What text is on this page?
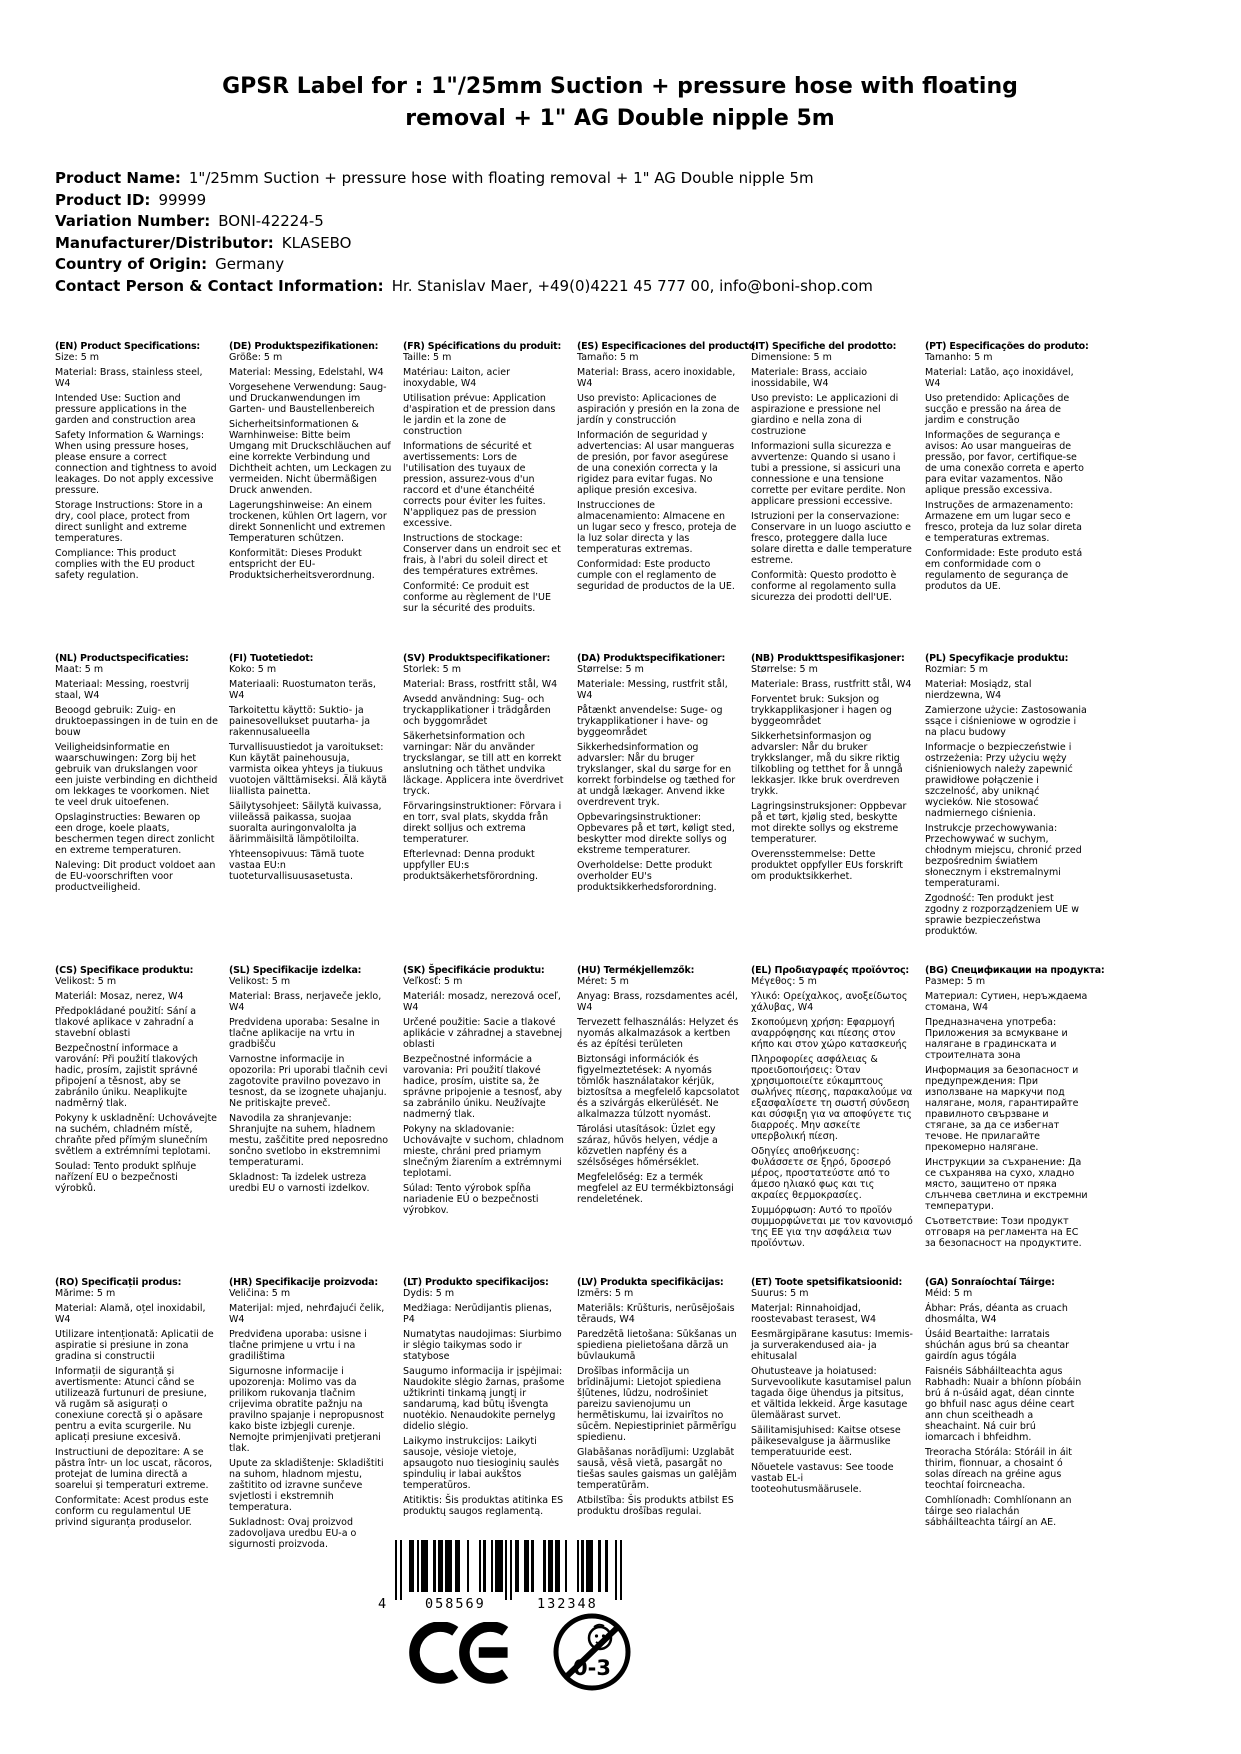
GPSR Label for : 1"/25mm Suction + pressure hose with floating removal + 1" AG Double nipple 5m
Product Name: 1"/25mm Suction + pressure hose with floating removal + 1" AG Double nipple 5m
Product ID: 99999
Variation Number: BONI-42224-5
Manufacturer/Distributor: KLASEBO
Country of Origin: Germany
Contact Person & Contact Information: Hr. Stanislav Maer, +49(0)4221 45 777 00, info@boni-shop.com
(EN) Product Specifications:

Size: 5 m

Material: Brass, stainless steel, W4

Intended Use: Suction and pressure applications in the garden and construction area

Safety Information & Warnings: When using pressure hoses, please ensure a correct connection and tightness to avoid leakages. Do not apply excessive pressure.

Storage Instructions: Store in a dry, cool place, protect from direct sunlight and extreme temperatures.

Compliance: This product complies with the EU product safety regulation.

(DE) Produktspezifikationen:

Größe: 5 m

Material: Messing, Edelstahl, W4

Vorgesehene Verwendung: Saug- und Druckanwendungen im Garten- und Baustellenbereich

Sicherheitsinformationen & Warnhinweise: Bitte beim Umgang mit Druckschläuchen auf eine korrekte Verbindung und Dichtheit achten, um Leckagen zu vermeiden. Nicht übermäßigen Druck anwenden.

Lagerungshinweise: An einem trockenen, kühlen Ort lagern, vor direkt Sonnenlicht und extremen Temperaturen schützen.

Konformität: Dieses Produkt entspricht der EU-Produktsicherheitsverordnung.

(FR) Spécifications du produit:

Taille: 5 m

Matériau: Laiton, acier inoxydable, W4

Utilisation prévue: Application d'aspiration et de pression dans le jardin et la zone de construction

Informations de sécurité et avertissements: Lors de l'utilisation des tuyaux de pression, assurez-vous d'un raccord et d'une étanchéité corrects pour éviter les fuites. N'appliquez pas de pression excessive.

Instructions de stockage: Conserver dans un endroit sec et frais, à l'abri du soleil direct et des températures extrêmes.

Conformité: Ce produit est conforme au règlement de l'UE sur la sécurité des produits.

(ES) Especificaciones del producto:

Tamaño: 5 m

Material: Brass, acero inoxidable, W4

Uso previsto: Aplicaciones de aspiración y presión en la zona de jardín y construcción

Información de seguridad y advertencias: Al usar mangueras de presión, por favor asegúrese de una conexión correcta y la rigidez para evitar fugas. No aplique presión excesiva.

Instrucciones de almacenamiento: Almacene en un lugar seco y fresco, proteja de la luz solar directa y las temperaturas extremas.

Conformidad: Este producto cumple con el reglamento de seguridad de productos de la UE.

(IT) Specifiche del prodotto:

Dimensione: 5 m

Materiale: Brass, acciaio inossidabile, W4

Uso previsto: Le applicazioni di aspirazione e pressione nel giardino e nella zona di costruzione

Informazioni sulla sicurezza e avvertenze: Quando si usano i tubi a pressione, si assicuri una connessione e una tensione corrette per evitare perdite. Non applicare pressioni eccessive.

Istruzioni per la conservazione: Conservare in un luogo asciutto e fresco, proteggere dalla luce solare diretta e dalle temperature estreme.

Conformità: Questo prodotto è conforme al regolamento sulla sicurezza dei prodotti dell'UE.

(PT) Especificações do produto:

Tamanho: 5 m

Material: Latão, aço inoxidável, W4

Uso pretendido: Aplicações de sucção e pressão na área de jardim e construção

Informações de segurança e avisos: Ao usar mangueiras de pressão, por favor, certifique-se de uma conexão correta e aperto para evitar vazamentos. Não aplique pressão excessiva.

Instruções de armazenamento: Armazene em um lugar seco e fresco, proteja da luz solar direta e temperaturas extremas.

Conformidade: Este produto está em conformidade com o regulamento de segurança de produtos da UE.

(NL) Productspecificaties:

Maat: 5 m

Materiaal: Messing, roestvrij staal, W4

Beoogd gebruik: Zuig- en druktoepassingen in de tuin en de bouw

Veiligheidsinformatie en waarschuwingen: Zorg bij het gebruik van drukslangen voor een juiste verbinding en dichtheid om lekkages te voorkomen. Niet te veel druk uitoefenen.

Opslaginstructies: Bewaren op een droge, koele plaats, beschermen tegen direct zonlicht en extreme temperaturen.

Naleving: Dit product voldoet aan de EU-voorschriften voor productveiligheid.

(FI) Tuotetiedot:

Koko: 5 m

Materiaali: Ruostumaton teräs, W4

Tarkoitettu käyttö: Suktio- ja painesovellukset puutarha- ja rakennusalueella

Turvallisuustiedot ja varoitukset: Kun käytät painehousuja, varmista oikea yhteys ja tiukuus vuotojen välttämiseksi. Älä käytä liiallista painetta.

Säilytysohjeet: Säilytä kuivassa, viileässä paikassa, suojaa suoralta auringonvalolta ja äärimmäisiltä lämpötiloilta.

Yhteensopivuus: Tämä tuote vastaa EU:n tuoteturvallisuusasetusta.

(SV) Produktspecifikationer:

Storlek: 5 m

Material: Brass, rostfritt stål, W4

Avsedd användning: Sug- och tryckapplikationer i trädgården och byggområdet

Säkerhetsinformation och varningar: När du använder tryckslangar, se till att en korrekt anslutning och täthet undvika läckage. Applicera inte överdrivet tryck.

Förvaringsinstruktioner: Förvara i en torr, sval plats, skydda från direkt solljus och extrema temperaturer.

Efterlevnad: Denna produkt uppfyller EU:s produktsäkerhetsförordning.

(DA) Produktspecifikationer:

Størrelse: 5 m

Materiale: Messing, rustfrit stål, W4

Påtænkt anvendelse: Suge- og trykapplikationer i have- og byggeområdet

Sikkerhedsinformation og advarsler: Når du bruger trykslanger, skal du sørge for en korrekt forbindelse og tæthed for at undgå lækager. Anvend ikke overdrevent tryk.

Opbevaringsinstruktioner: Opbevares på et tørt, køligt sted, beskytter mod direkte sollys og ekstreme temperaturer.

Overholdelse: Dette produkt overholder EU's produktsikkerhedsforordning.

(NB) Produkttspesifikasjoner:

Størrelse: 5 m

Materiale: Brass, rustfritt stål, W4

Forventet bruk: Suksjon og trykkapplikasjoner i hagen og byggeområdet

Sikkerhetsinformasjon og advarsler: Når du bruker trykkslanger, må du sikre riktig tilkobling og tetthet for å unngå lekkasjer. Ikke bruk overdreven trykk.

Lagringsinstruksjoner: Oppbevar på et tørt, kjølig sted, beskytte mot direkte sollys og ekstreme temperaturer.

Overensstemmelse: Dette produktet oppfyller EUs forskrift om produktsikkerhet.

(PL) Specyfikacje produktu:

Rozmiar: 5 m

Materiał: Mosiądz, stal nierdzewna, W4

Zamierzone użycie: Zastosowania ssące i ciśnieniowe w ogrodzie i na placu budowy

Informacje o bezpieczeństwie i ostrzeżenia: Przy użyciu węży ciśnieniowych należy zapewnić prawidłowe połączenie i szczelność, aby uniknąć wycieków. Nie stosować nadmiernego ciśnienia.

Instrukcje przechowywania: Przechowywać w suchym, chłodnym miejscu, chronić przed bezpośrednim światłem słonecznym i ekstremalnymi temperaturami.

Zgodność: Ten produkt jest zgodny z rozporządzeniem UE w sprawie bezpieczeństwa produktów.

(CS) Specifikace produktu:

Velikost: 5 m

Materiál: Mosaz, nerez, W4

Předpokládané použití: Sání a tlakové aplikace v zahradní a stavební oblasti

Bezpečnostní informace a varování: Při použití tlakových hadic, prosím, zajistit správné připojení a těsnost, aby se zabránilo úniku. Neaplikujte nadměrný tlak.

Pokyny k uskladnění: Uchovávejte na suchém, chladném místě, chraňte před přímým slunečním světlem a extrémními teplotami.

Soulad: Tento produkt splňuje nařízení EU o bezpečnosti výrobků.

(SL) Specifikacije izdelka:

Velikost: 5 m

Material: Brass, nerjaveče jeklo, W4

Predvidena uporaba: Sesalne in tlačne aplikacije na vrtu in gradbišču

Varnostne informacije in opozorila: Pri uporabi tlačnih cevi zagotovite pravilno povezavo in tesnost, da se izognete uhajanju. Ne pritiskajte preveč.

Navodila za shranjevanje: Shranjujte na suhem, hladnem mestu, zaščitite pred neposredno sončno svetlobo in ekstremnimi temperaturami.

Skladnost: Ta izdelek ustreza uredbi EU o varnosti izdelkov.

(SK) Špecifikácie produktu:

Veľkosť: 5 m

Materiál: mosadz, nerezová oceľ, W4

Určené použitie: Sacie a tlakové aplikácie v záhradnej a stavebnej oblasti

Bezpečnostné informácie a varovania: Pri použití tlakové hadice, prosím, uistite sa, že správne pripojenie a tesnosť, aby sa zabránilo úniku. Neužívajte nadmerný tlak.

Pokyny na skladovanie: Uchovávajte v suchom, chladnom mieste, chráni pred priamym slnečným žiarením a extrémnymi teplotami.

Súlad: Tento výrobok spĺňa nariadenie EÚ o bezpečnosti výrobkov.

(HU) Termékjellemzők:

Méret: 5 m

Anyag: Brass, rozsdamentes acél, W4

Tervezett felhasználás: Helyzet és nyomás alkalmazások a kertben és az építési területen

Biztonsági információk és figyelmeztetések: A nyomás tömlők használatakor kérjük, biztosítsa a megfelelő kapcsolatot és a szivárgás elkerülését. Ne alkalmazza túlzott nyomást.

Tárolási utasítások: Üzlet egy száraz, hűvös helyen, védje a közvetlen napfény és a szélsőséges hőmérséklet.

Megfelelőség: Ez a termék megfelel az EU termékbiztonsági rendeletének.

(EL) Προδιαγραφές προϊόντος:

Μέγεθος: 5 m

Υλικό: Ορείχαλκος, ανοξείδωτος χάλυβας, W4

Σκοπούμενη χρήση: Εφαρμογή αναρρόφησης και πίεσης στον κήπο και στον χώρο κατασκευής

Πληροφορίες ασφάλειας & προειδοποιήσεις: Όταν χρησιμοποιείτε εύκαμπτους σωλήνες πίεσης, παρακαλούμε να εξασφαλίσετε τη σωστή σύνδεση και σύσφιξη για να αποφύγετε τις διαρροές. Μην ασκείτε υπερβολική πίεση.

Οδηγίες αποθήκευσης: Φυλάσσετε σε ξηρό, δροσερό μέρος, προστατεύστε από το άμεσο ηλιακό φως και τις ακραίες θερμοκρασίες.

Συμμόρφωση: Αυτό το προϊόν συμμορφώνεται με τον κανονισμό της ΕΕ για την ασφάλεια των προϊόντων.

(BG) Спецификации на продукта:

Размер: 5 m

Материал: Сутиен, неръждаема стомана, W4

Предназначена употреба: Приложения за всмукване и налягане в градинската и строителната зона

Информация за безопасност и предупреждения: При използване на маркучи под налягане, моля, гарантирайте правилното свързване и стягане, за да се избегнат течове. Не прилагайте прекомерно налягане.

Инструкции за съхранение: Да се съхранява на сухо, хладно място, защитено от пряка слънчева светлина и екстремни температури.

Съответствие: Този продукт отговаря на регламента на ЕС за безопасност на продуктите.

(RO) Specificații produs:

Mărime: 5 m

Material: Alamă, oțel inoxidabil, W4

Utilizare intenționată: Aplicatii de aspiratie si presiune in zona gradina si constructii

Informații de siguranță și avertismente: Atunci când se utilizează furtunuri de presiune, vă rugăm să asigurați o conexiune corectă și o apăsare pentru a evita scurgerile. Nu aplicați presiune excesivă.

Instructiuni de depozitare: A se păstra într- un loc uscat, răcoros, protejat de lumina directă a soarelui și temperaturi extreme.

Conformitate: Acest produs este conform cu regulamentul UE privind siguranța produselor.

(HR) Specifikacije proizvoda:

Veličina: 5 m

Materijal: mjed, nehrđajući čelik, W4

Predviđena uporaba: usisne i tlačne primjene u vrtu i na gradilištima

Sigurnosne informacije i upozorenja: Molimo vas da prilikom rukovanja tlačnim crijevima obratite pažnju na pravilno spajanje i nepropusnost kako biste izbjegli curenje. Nemojte primjenjivati pretjerani tlak.

Upute za skladištenje: Skladištiti na suhom, hladnom mjestu, zaštitito od izravne sunčeve svjetlosti i ekstremnih temperatura.

Sukladnost: Ovaj proizvod zadovoljava uredbu EU-a o sigurnosti proizvoda.

(LT) Produkto specifikacijos:

Dydis: 5 m

Medžiaga: Nerūdijantis plienas, P4

Numatytas naudojimas: Siurbimo ir slėgio taikymas sodo ir statybose

Saugumo informacija ir įspėjimai: Naudokite slėgio žarnas, prašome užtikrinti tinkamą jungtį ir sandarumą, kad būtų išvengta nuotėkio. Nenaudokite pernelyg didelio slėgio.

Laikymo instrukcijos: Laikyti sausoje, vėsioje vietoje, apsaugoto nuo tiesioginių saulės spindulių ir labai aukštos temperatūros.

Atitiktis: Šis produktas atitinka ES produktų saugos reglamentą.

(LV) Produkta specifikācijas:

Izmērs: 5 m

Materiāls: Krūšturis, nerūsējošais tērauds, W4

Paredzētā lietošana: Sūkšanas un spiediena pielietošana dārzā un būvlaukumā

Drošības informācija un brīdinājumi: Lietojot spiediena šļūtenes, lūdzu, nodrošiniet pareizu savienojumu un hermētiskumu, lai izvairītos no sūcēm. Nepiestipriniet pārmērīgu spiedienu.

Glabāšanas norādījumi: Uzglabāt sausā, vēsā vietā, pasargāt no tiešas saules gaismas un galējām temperatūrām.

Atbilstība: Šis produkts atbilst ES produktu drošības regulai.

(ET) Toote spetsifikatsioonid:

Suurus: 5 m

Materjal: Rinnahoidjad, roostevabast terasest, W4

Eesmärgipärane kasutus: Imemis- ja surverakendused aia- ja ehitusalal

Ohutusteave ja hoiatused: Survevoolikute kasutamisel palun tagada õige ühendus ja pitsitus, et vältida lekkeid. Ärge kasutage ülemäärast survet.

Säilitamisjuhised: Kaitse otsese päikesevalguse ja äärmuslike temperatuuride eest.

Nõuetele vastavus: See toode vastab EL-i tooteohutusmäärusele.

(GA) Sonraíochtaí Táirge:

Méid: 5 m

Ábhar: Prás, déanta as cruach dhosmálta, W4

Úsáid Beartaithe: Iarratais shúchán agus brú sa cheantar gairdín agus tógála

Faisnéis Sábháilteachta agus Rabhadh: Nuair a bhíonn píobáin brú á n-úsáid agat, déan cinnte go bhfuil nasc agus déine ceart ann chun sceitheadh a sheachaint. Ná cuir brú iomarcach i bhfeidhm.

Treoracha Stórála: Stóráil in áit thirim, fionnuar, a chosaint ó solas díreach na gréine agus teochtaí foircneacha.

Comhlíonadh: Comhlíonann an táirge seo rialachán sábháilteachta táirgí an AE.

4	058569	132348
0-3
